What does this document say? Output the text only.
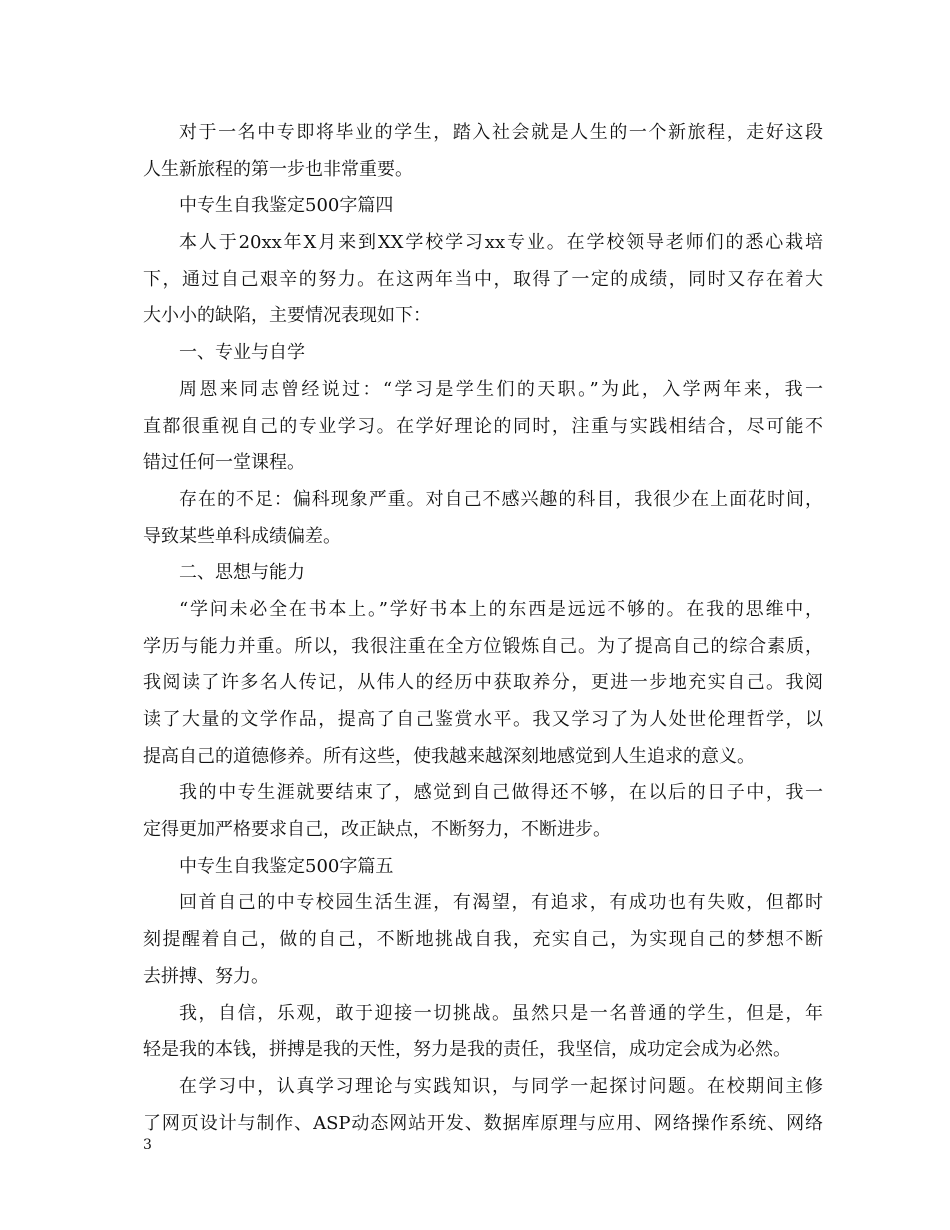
对于一名中专即将毕业的学生，踏入社会就是人生的一个新旅程，走好这段
人生新旅程的第一步也非常重要。
中专生自我鉴定500字篇四
本人于20xx年X月来到XX学校学习xx专业。在学校领导老师们的悉心栽培
下，通过自己艰辛的努力。在这两年当中，取得了一定的成绩，同时又存在着大
大小小的缺陷，主要情况表现如下：
一、专业与自学
周恩来同志曾经说过：“学习是学生们的天职。”为此，入学两年来，我一
直都很重视自己的专业学习。在学好理论的同时，注重与实践相结合，尽可能不
错过任何一堂课程。
存在的不足：偏科现象严重。对自己不感兴趣的科目，我很少在上面花时间，
导致某些单科成绩偏差。
二、思想与能力
“学问未必全在书本上。”学好书本上的东西是远远不够的。在我的思维中，
学历与能力并重。所以，我很注重在全方位锻炼自己。为了提高自己的综合素质，
我阅读了许多名人传记，从伟人的经历中获取养分，更进一步地充实自己。我阅
读了大量的文学作品，提高了自己鉴赏水平。我又学习了为人处世伦理哲学，以
提高自己的道德修养。所有这些，使我越来越深刻地感觉到人生追求的意义。
我的中专生涯就要结束了，感觉到自己做得还不够，在以后的日子中，我一
定得更加严格要求自己，改正缺点，不断努力，不断进步。
中专生自我鉴定500字篇五
回首自己的中专校园生活生涯，有渴望，有追求，有成功也有失败，但都时
刻提醒着自己，做的自己，不断地挑战自我，充实自己，为实现自己的梦想不断
去拼搏、努力。
我，自信，乐观，敢于迎接一切挑战。虽然只是一名普通的学生，但是，年
轻是我的本钱，拼搏是我的天性，努力是我的责任，我坚信，成功定会成为必然。
在学习中，认真学习理论与实践知识，与同学一起探讨问题。在校期间主修
了网页设计与制作、ASP动态网站开发、数据库原理与应用、网络操作系统、网络
3
